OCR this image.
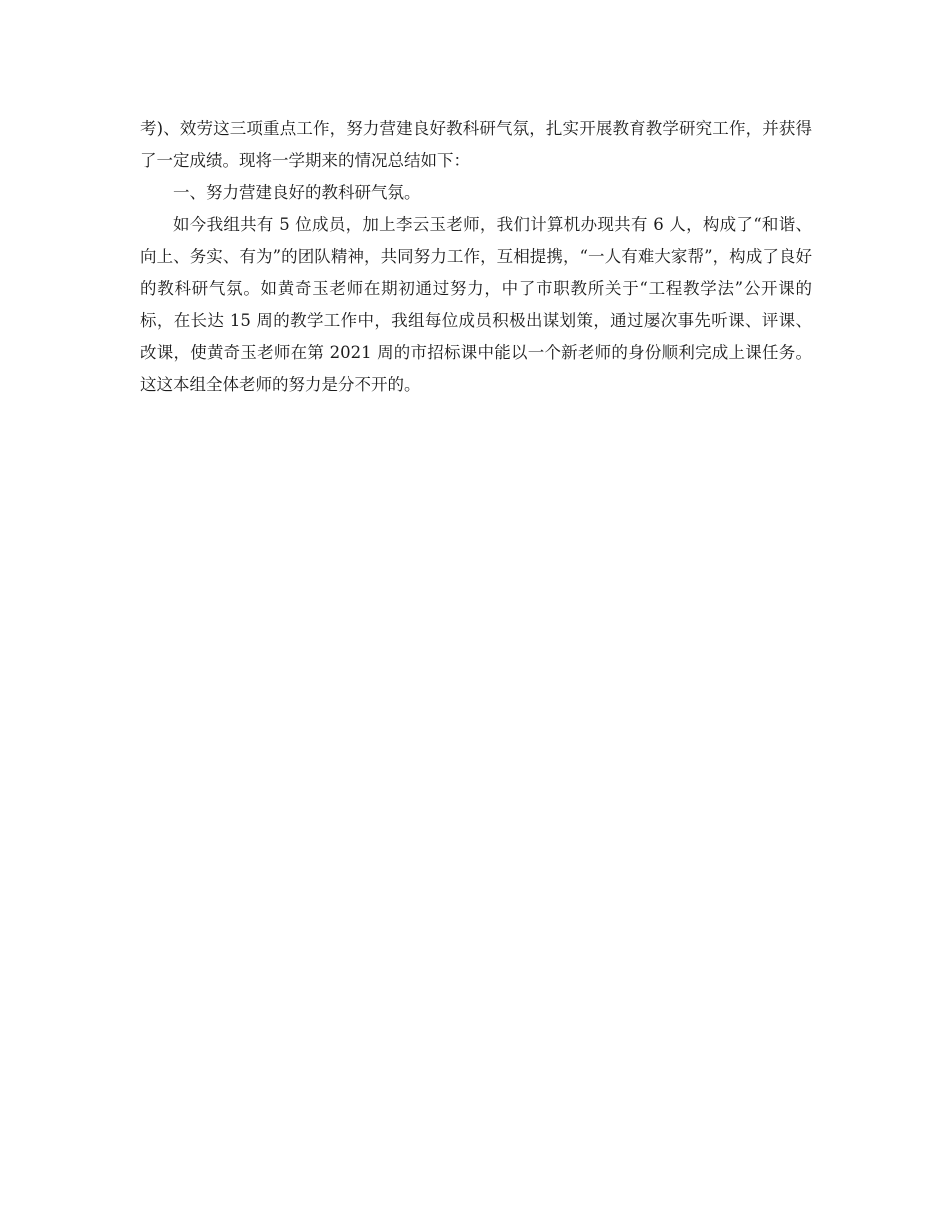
考)、效劳这三项重点工作，努力营建良好教科研气氛，扎实开展教育教学研究工作，并获得了一定成绩。现将一学期来的情况总结如下：

一、努力营建良好的教科研气氛。

如今我组共有 5 位成员，加上李云玉老师，我们计算机办现共有 6 人，构成了“和谐、向上、务实、有为”的团队精神，共同努力工作，互相提携，“一人有难大家帮”，构成了良好的教科研气氛。如黄奇玉老师在期初通过努力，中了市职教所关于“工程教学法”公开课的标，在长达 15 周的教学工作中，我组每位成员积极出谋划策，通过屡次事先听课、评课、改课，使黄奇玉老师在第 2021 周的市招标课中能以一个新老师的身份顺利完成上课任务。这这本组全体老师的努力是分不开的。
